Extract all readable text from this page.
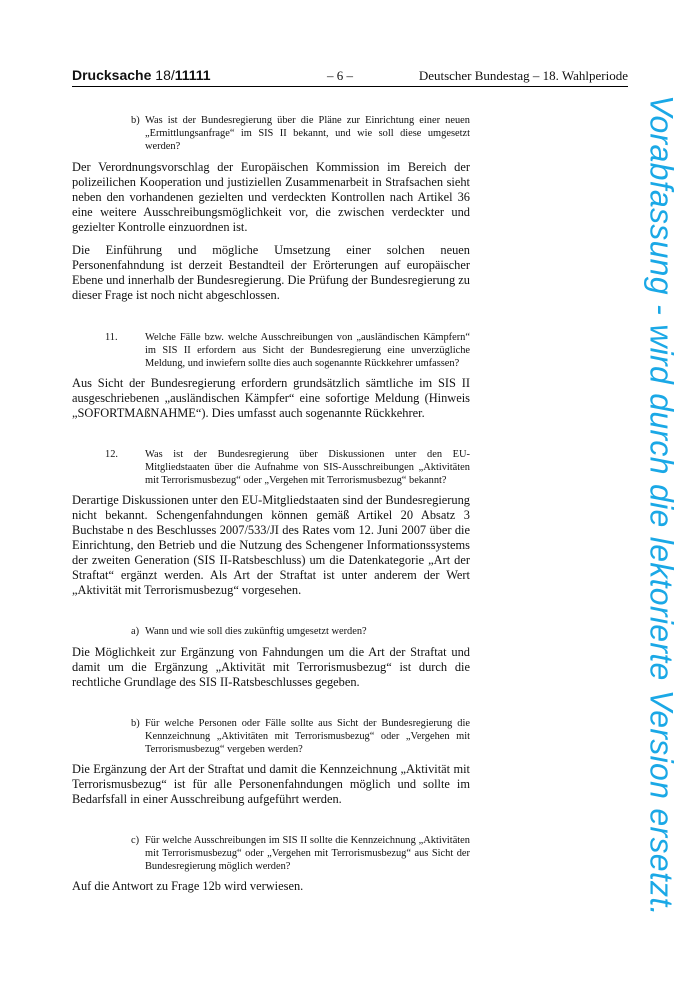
Drucksache 18/11111	– 6 –	Deutscher Bundestag – 18. Wahlperiode
b) Was ist der Bundesregierung über die Pläne zur Einrichtung einer neuen „Ermittlungsanfrage“ im SIS II bekannt, und wie soll diese umgesetzt werden?

Der Verordnungsvorschlag der Europäischen Kommission im Bereich der polizeilichen Kooperation und justiziellen Zusammenarbeit in Strafsachen sieht neben den vorhandenen gezielten und verdeckten Kontrollen nach Artikel 36 eine weitere Ausschreibungsmöglichkeit vor, die zwischen verdeckter und gezielter Kontrolle einzuordnen ist.

Die Einführung und mögliche Umsetzung einer solchen neuen Personenfahndung ist derzeit Bestandteil der Erörterungen auf europäischer Ebene und innerhalb der Bundesregierung. Die Prüfung der Bundesregierung zu dieser Frage ist noch nicht abgeschlossen.

11.	Welche Fälle bzw. welche Ausschreibungen von „ausländischen Kämpfern“ im SIS II erfordern aus Sicht der Bundesregierung eine unverzügliche Meldung, und inwiefern sollte dies auch sogenannte Rückkehrer umfassen?

Aus Sicht der Bundesregierung erfordern grundsätzlich sämtliche im SIS II ausgeschriebenen „ausländischen Kämpfer“ eine sofortige Meldung (Hinweis „SOFORTMAßNAHME“). Dies umfasst auch sogenannte Rückkehrer.

12.	Was ist der Bundesregierung über Diskussionen unter den EU-Mitgliedstaaten über die Aufnahme von SIS-Ausschreibungen „Aktivitäten mit Terrorismusbezug“ oder „Vergehen mit Terrorismusbezug“ bekannt?

Derartige Diskussionen unter den EU-Mitgliedstaaten sind der Bundesregierung nicht bekannt. Schengenfahndungen können gemäß Artikel 20 Absatz 3 Buchstabe n des Beschlusses 2007/533/JI des Rates vom 12. Juni 2007 über die Einrichtung, den Betrieb und die Nutzung des Schengener Informationssystems der zweiten Generation (SIS II-Ratsbeschluss) um die Datenkategorie „Art der Straftat“ ergänzt werden. Als Art der Straftat ist unter anderem der Wert „Aktivität mit Terrorismusbezug“ vorgesehen.

a) Wann und wie soll dies zukünftig umgesetzt werden?

Die Möglichkeit zur Ergänzung von Fahndungen um die Art der Straftat und damit um die Ergänzung „Aktivität mit Terrorismusbezug“ ist durch die rechtliche Grundlage des SIS II-Ratsbeschlusses gegeben.

b) Für welche Personen oder Fälle sollte aus Sicht der Bundesregierung die Kennzeichnung „Aktivitäten mit Terrorismusbezug“ oder „Vergehen mit Terrorismusbezug“ vergeben werden?

Die Ergänzung der Art der Straftat und damit die Kennzeichnung „Aktivität mit Terrorismusbezug“ ist für alle Personenfahndungen möglich und sollte im Bedarfsfall in einer Ausschreibung aufgeführt werden.

c) Für welche Ausschreibungen im SIS II sollte die Kennzeichnung „Aktivitäten mit Terrorismusbezug“ oder „Vergehen mit Terrorismusbezug“ aus Sicht der Bundesregierung möglich werden?

Auf die Antwort zu Frage 12b wird verwiesen.	Vorabfassung - wird durch die lektorierte Version ersetzt.
